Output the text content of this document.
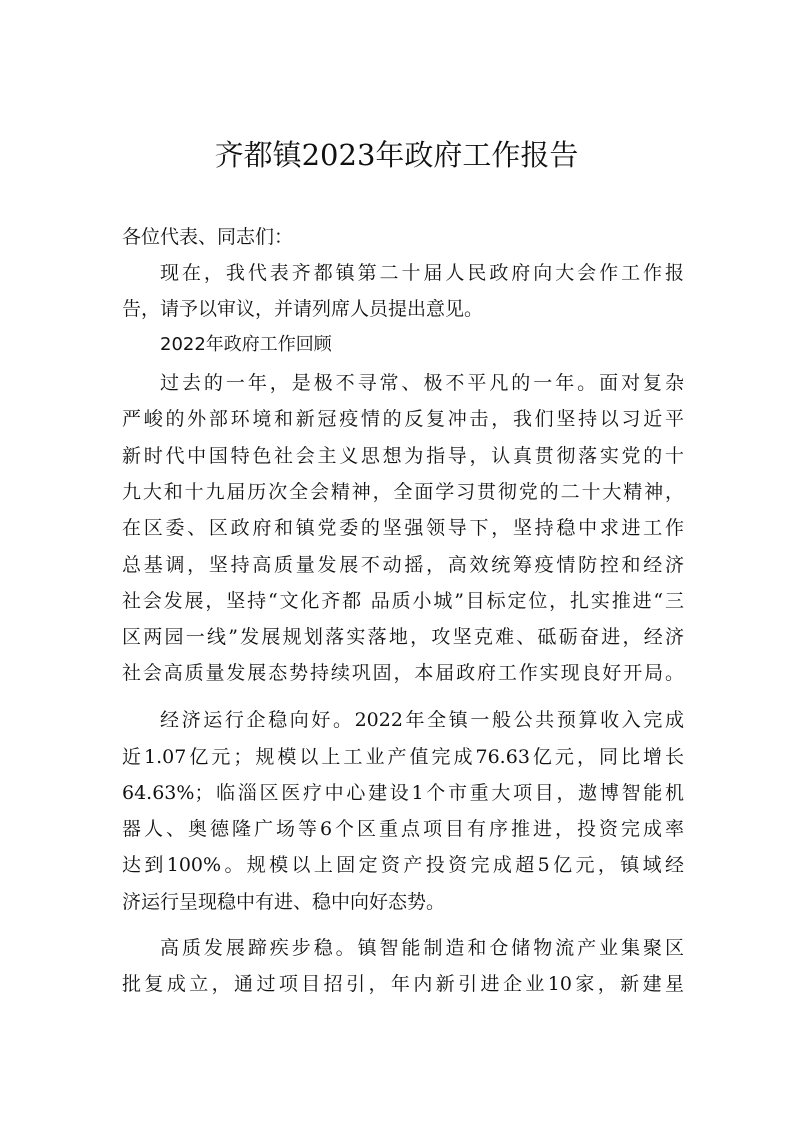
齐都镇2023年政府工作报告
各位代表、同志们：
现在，我代表齐都镇第二十届人民政府向大会作工作报
告，请予以审议，并请列席人员提出意见。
2022年政府工作回顾
过去的一年，是极不寻常、极不平凡的一年。面对复杂
严峻的外部环境和新冠疫情的反复冲击，我们坚持以习近平
新时代中国特色社会主义思想为指导，认真贯彻落实党的十
九大和十九届历次全会精神，全面学习贯彻党的二十大精神，
在区委、区政府和镇党委的坚强领导下，坚持稳中求进工作
总基调，坚持高质量发展不动摇，高效统筹疫情防控和经济
社会发展，坚持“文化齐都 品质小城”目标定位，扎实推进“三
区两园一线”发展规划落实落地，攻坚克难、砥砺奋进，经济
社会高质量发展态势持续巩固，本届政府工作实现良好开局。
经济运行企稳向好。2022年全镇一般公共预算收入完成
近1.07亿元；规模以上工业产值完成76.63亿元，同比增长
64.63%；临淄区医疗中心建设1个市重大项目，遨博智能机
器人、奥德隆广场等6个区重点项目有序推进，投资完成率
达到100%。规模以上固定资产投资完成超5亿元，镇域经
济运行呈现稳中有进、稳中向好态势。
高质发展蹄疾步稳。镇智能制造和仓储物流产业集聚区
批复成立，通过项目招引，年内新引进企业10家，新建星
